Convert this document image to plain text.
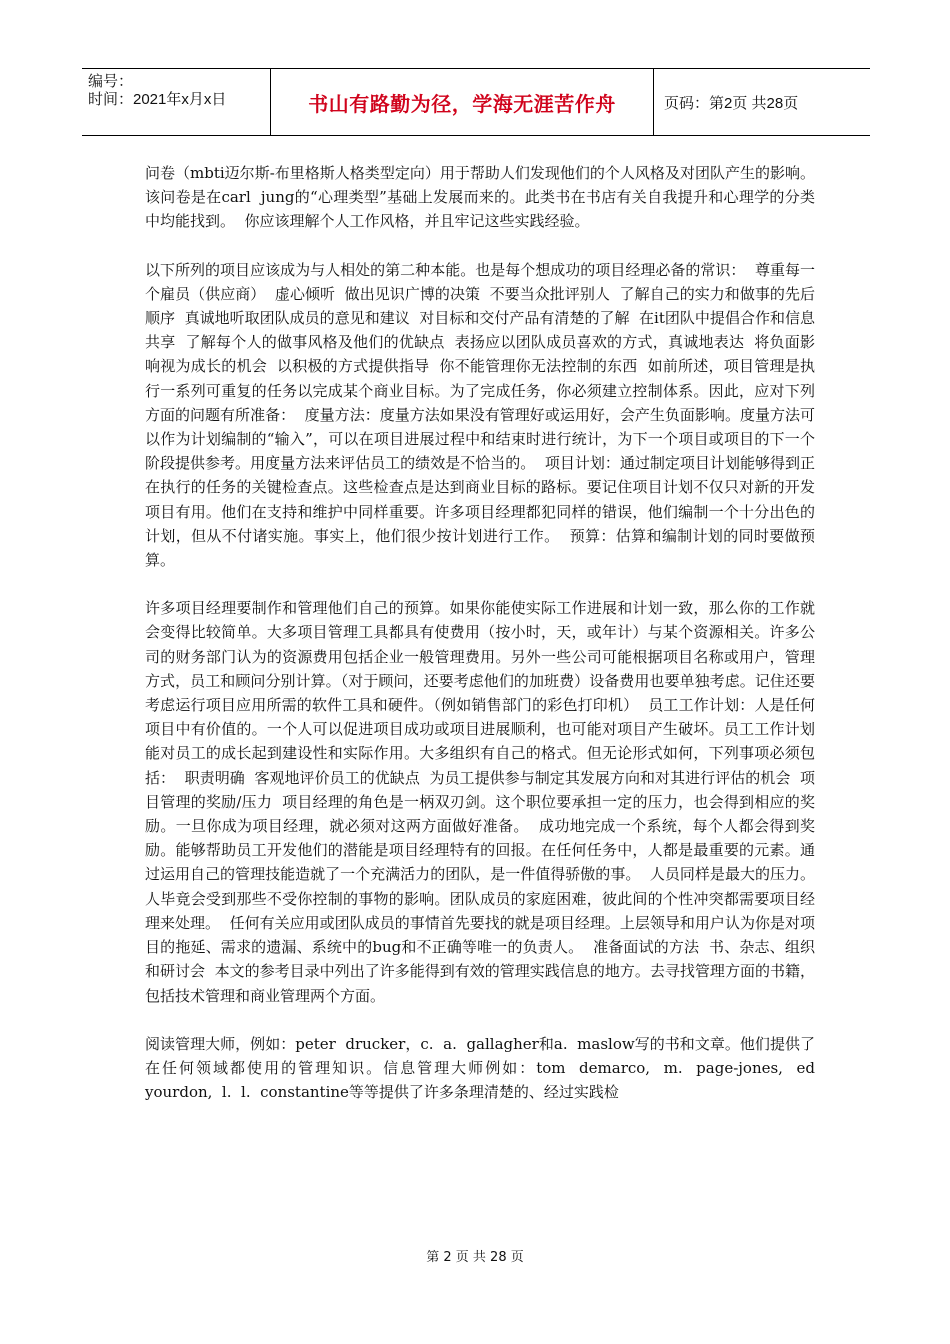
编号：
时间：2021年x月x日	书山有路勤为径，学海无涯苦作舟	页码：第2页 共28页

问卷（mbti迈尔斯-布里格斯人格类型定向）用于帮助人们发现他们的个人风格及对团队产生的影响。该问卷是在carl  jung的“心理类型”基础上发展而来的。此类书在书店有关自我提升和心理学的分类中均能找到。  你应该理解个人工作风格，并且牢记这些实践经验。

以下所列的项目应该成为与人相处的第二种本能。也是每个想成功的项目经理必备的常识：  尊重每一个雇员（供应商）  虚心倾听  做出见识广博的决策  不要当众批评别人  了解自己的实力和做事的先后顺序  真诚地听取团队成员的意见和建议  对目标和交付产品有清楚的了解  在it团队中提倡合作和信息共享  了解每个人的做事风格及他们的优缺点  表扬应以团队成员喜欢的方式，真诚地表达  将负面影响视为成长的机会  以积极的方式提供指导  你不能管理你无法控制的东西  如前所述，项目管理是执行一系列可重复的任务以完成某个商业目标。为了完成任务，你必须建立控制体系。因此，应对下列方面的问题有所准备：  度量方法：度量方法如果没有管理好或运用好，会产生负面影响。度量方法可以作为计划编制的“输入”，可以在项目进展过程中和结束时进行统计，为下一个项目或项目的下一个阶段提供参考。用度量方法来评估员工的绩效是不恰当的。  项目计划：通过制定项目计划能够得到正在执行的任务的关键检查点。这些检查点是达到商业目标的路标。要记住项目计划不仅只对新的开发项目有用。他们在支持和维护中同样重要。许多项目经理都犯同样的错误，他们编制一个十分出色的计划，但从不付诸实施。事实上，他们很少按计划进行工作。  预算：估算和编制计划的同时要做预算。

许多项目经理要制作和管理他们自己的预算。如果你能使实际工作进展和计划一致，那么你的工作就会变得比较简单。大多项目管理工具都具有使费用（按小时，天，或年计）与某个资源相关。许多公司的财务部门认为的资源费用包括企业一般管理费用。另外一些公司可能根据项目名称或用户，管理方式，员工和顾问分别计算。（对于顾问，还要考虑他们的加班费）设备费用也要单独考虑。记住还要考虑运行项目应用所需的软件工具和硬件。（例如销售部门的彩色打印机）  员工工作计划：人是任何项目中有价值的。一个人可以促进项目成功或项目进展顺利，也可能对项目产生破坏。员工工作计划能对员工的成长起到建设性和实际作用。大多组织有自己的格式。但无论形式如何，下列事项必须包括：  职责明确  客观地评价员工的优缺点  为员工提供参与制定其发展方向和对其进行评估的机会  项目管理的奖励/压力  项目经理的角色是一柄双刃剑。这个职位要承担一定的压力，也会得到相应的奖励。一旦你成为项目经理，就必须对这两方面做好准备。  成功地完成一个系统，每个人都会得到奖励。能够帮助员工开发他们的潜能是项目经理特有的回报。在任何任务中，人都是最重要的元素。通过运用自己的管理技能造就了一个充满活力的团队，是一件值得骄傲的事。  人员同样是最大的压力。人毕竟会受到那些不受你控制的事物的影响。团队成员的家庭困难，彼此间的个性冲突都需要项目经理来处理。  任何有关应用或团队成员的事情首先要找的就是项目经理。上层领导和用户认为你是对项目的拖延、需求的遗漏、系统中的bug和不正确等唯一的负责人。  准备面试的方法  书、杂志、组织和研讨会  本文的参考目录中列出了许多能得到有效的管理实践信息的地方。去寻找管理方面的书籍，包括技术管理和商业管理两个方面。

阅读管理大师，例如：peter  drucker，c.  a.  gallagher和a.  maslow写的书和文章。他们提供了在任何领域都使用的管理知识。信息管理大师例如：tom  demarco,  m.  page-jones,  ed  yourdon,  l.  l.  constantine等等提供了许多条理清楚的、经过实践检

第 2 页 共 28 页
